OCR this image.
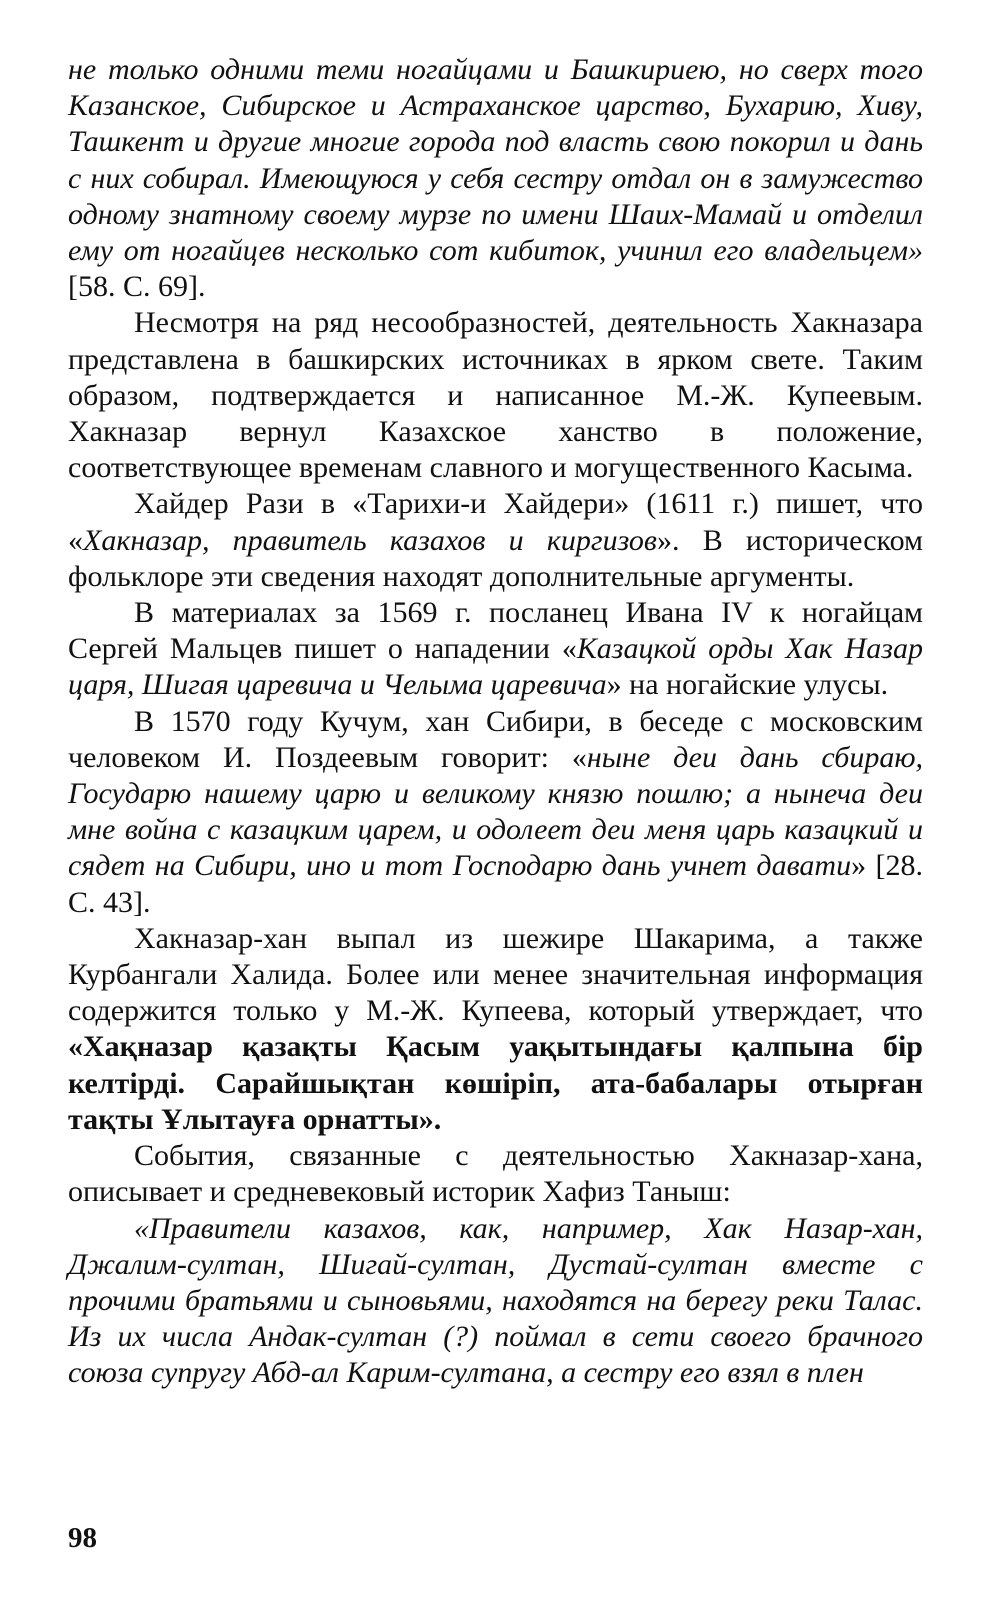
не только одними теми ногайцами и Башкириею, но сверх того Казанское, Сибирское и Астраханское царство, Бухарию, Хиву, Ташкент и другие многие города под власть свою покорил и дань с них собирал. Имеющуюся у себя сестру отдал он в замужество одному знатному своему мурзе по имени Шаих-Мамай и отделил ему от ногайцев несколько сот кибиток, учинил его владельцем» [58. С. 69].

Несмотря на ряд несообразностей, деятельность Хакназара представлена в башкирских источниках в ярком свете. Таким образом, подтверждается и написанное М.-Ж. Купеевым. Хакназар вернул Казахское ханство в положение, соответствующее временам славного и могущественного Касыма.

Хайдер Рази в «Тарихи-и Хайдери» (1611 г.) пишет, что «Хакназар, правитель казахов и киргизов». В историческом фольклоре эти сведения находят дополнительные аргументы.

В материалах за 1569 г. посланец Ивана IV к ногайцам Сергей Мальцев пишет о нападении «Казацкой орды Хак Назар царя, Шигая царевича и Челыма царевича» на ногайские улусы.

В 1570 году Кучум, хан Сибири, в беседе с московским человеком И. Поздеевым говорит: «ныне деи дань сбираю, Государю нашему царю и великому князю пошлю; а нынеча деи мне война с казацким царем, и одолеет деи меня царь казацкий и сядет на Сибири, ино и тот Господарю дань учнет давати» [28. С. 43].

Хакназар-хан выпал из шежире Шакарима, а также Курбангали Халида. Более или менее значительная информация содержится только у М.-Ж. Купеева, который утверждает, что «Хақназар қазақты Қасым уақытындағы қалпына бір келтірді. Сарайшықтан көшіріп, ата-бабалары отырған тақты Ұлытауға орнатты».

События, связанные с деятельностью Хакназар-хана, описывает и средневековый историк Хафиз Таныш:

«Правители казахов, как, например, Хак Назар-хан, Джалим-султан, Шигай-султан, Дустай-султан вместе с прочими братьями и сыновьями, находятся на берегу реки Талас. Из их числа Андак-султан (?) поймал в сети своего брачного союза супругу Абд-ал Карим-султана, а сестру его взял в плен

98
